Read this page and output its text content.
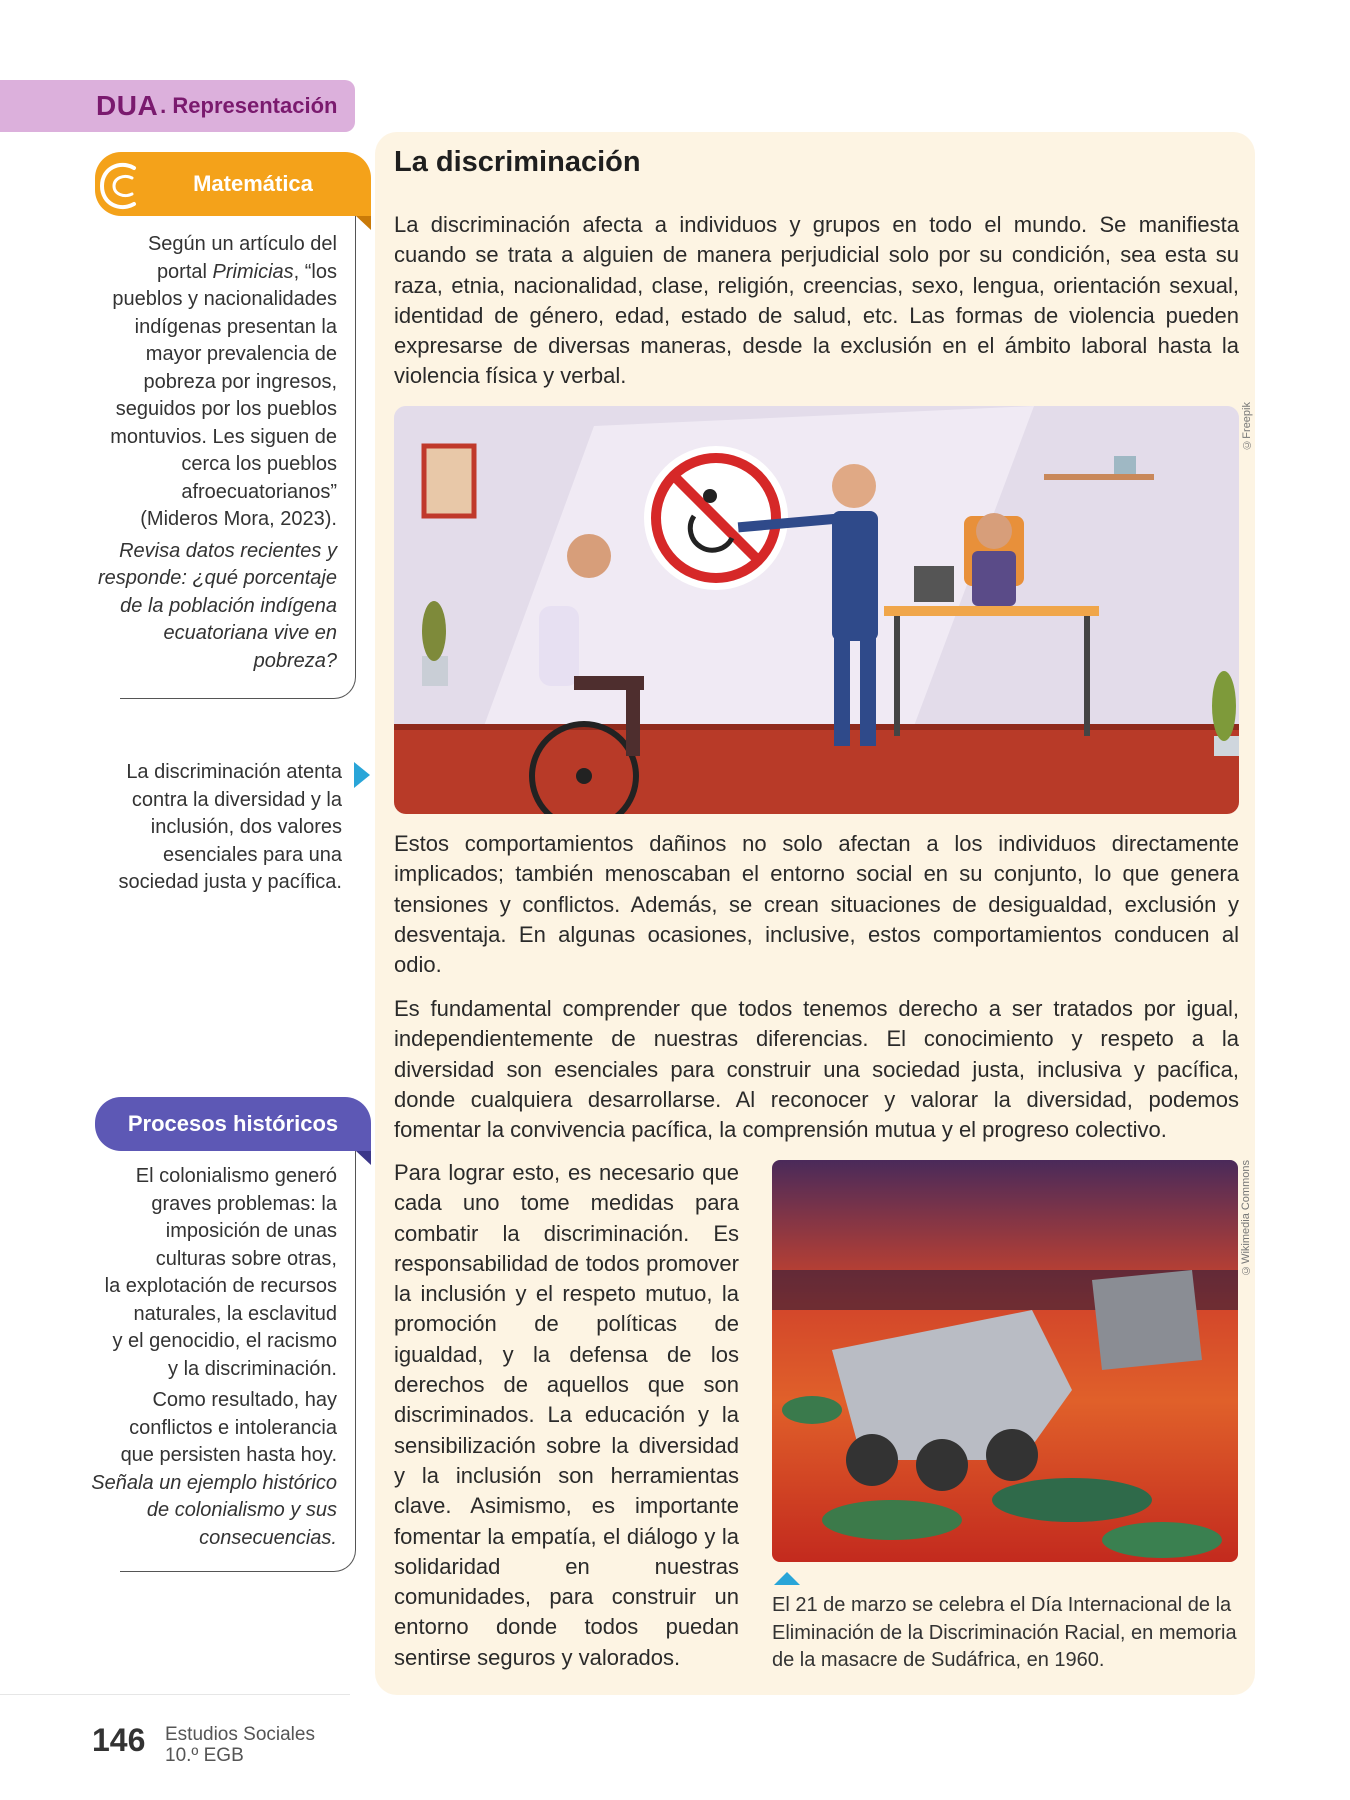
DUA . Representación
Matemática
Según un artículo del
portal Primicias, “los
pueblos y nacionalidades
indígenas presentan la
mayor prevalencia de
pobreza por ingresos,
seguidos por los pueblos
montuvios. Les siguen de
cerca los pueblos
afroecuatorianos”
(Mideros Mora, 2023).
Revisa datos recientes y
responde: ¿qué porcentaje
de la población indígena
ecuatoriana vive en
pobreza?
La discriminación atenta
contra la diversidad y la
inclusión, dos valores
esenciales para una
sociedad justa y pacífica.
Procesos históricos
El colonialismo generó
graves problemas: la
imposición de unas
culturas sobre otras,
la explotación de recursos
naturales, la esclavitud
y el genocidio, el racismo
y la discriminación.
Como resultado, hay
conflictos e intolerancia
que persisten hasta hoy.
Señala un ejemplo histórico
de colonialismo y sus
consecuencias.
La discriminación
La discriminación afecta a individuos y grupos en todo el mundo. Se manifiesta cuando se trata a alguien de manera perjudicial solo por su condición, sea esta su raza, etnia, nacionalidad, clase, religión, creencias, sexo, lengua, orientación sexual, identidad de género, edad, estado de salud, etc. Las formas de violencia pueden expresarse de diversas maneras, desde la exclusión en el ámbito laboral hasta la violencia física y verbal.
©Freepik
Estos comportamientos dañinos no solo afectan a los individuos directamente implicados; también menoscaban el entorno social en su conjunto, lo que genera tensiones y conflictos. Además, se crean situaciones de desigualdad, exclusión y desventaja. En algunas ocasiones, inclusive, estos comportamientos conducen al odio.
Es fundamental comprender que todos tenemos derecho a ser tratados por igual, independientemente de nuestras diferencias. El conocimiento y respeto a la diversidad son esenciales para construir una sociedad justa, inclusiva y pacífica, donde cualquiera desarrollarse. Al reconocer y valorar la diversidad, podemos fomentar la convivencia pacífica, la comprensión mutua y el progreso colectivo.
Para lograr esto, es necesario que cada uno tome medidas para combatir la discriminación. Es responsabilidad de todos promover la inclusión y el respeto mutuo, la promoción de políticas de igualdad, y la defensa de los derechos de aquellos que son discriminados. La educación y la sensibilización sobre la diversidad y la inclusión son herramientas clave. Asimismo, es importante fomentar la empatía, el diálogo y la solidaridad en nuestras comunidades, para construir un entorno donde todos puedan sentirse seguros y valorados.
©Wikimedia Commons
El 21 de marzo se celebra el Día Internacional de la Eliminación de la Discriminación Racial, en memoria de la masacre de Sudáfrica, en 1960.
146 Estudios Sociales
10.º EGB
